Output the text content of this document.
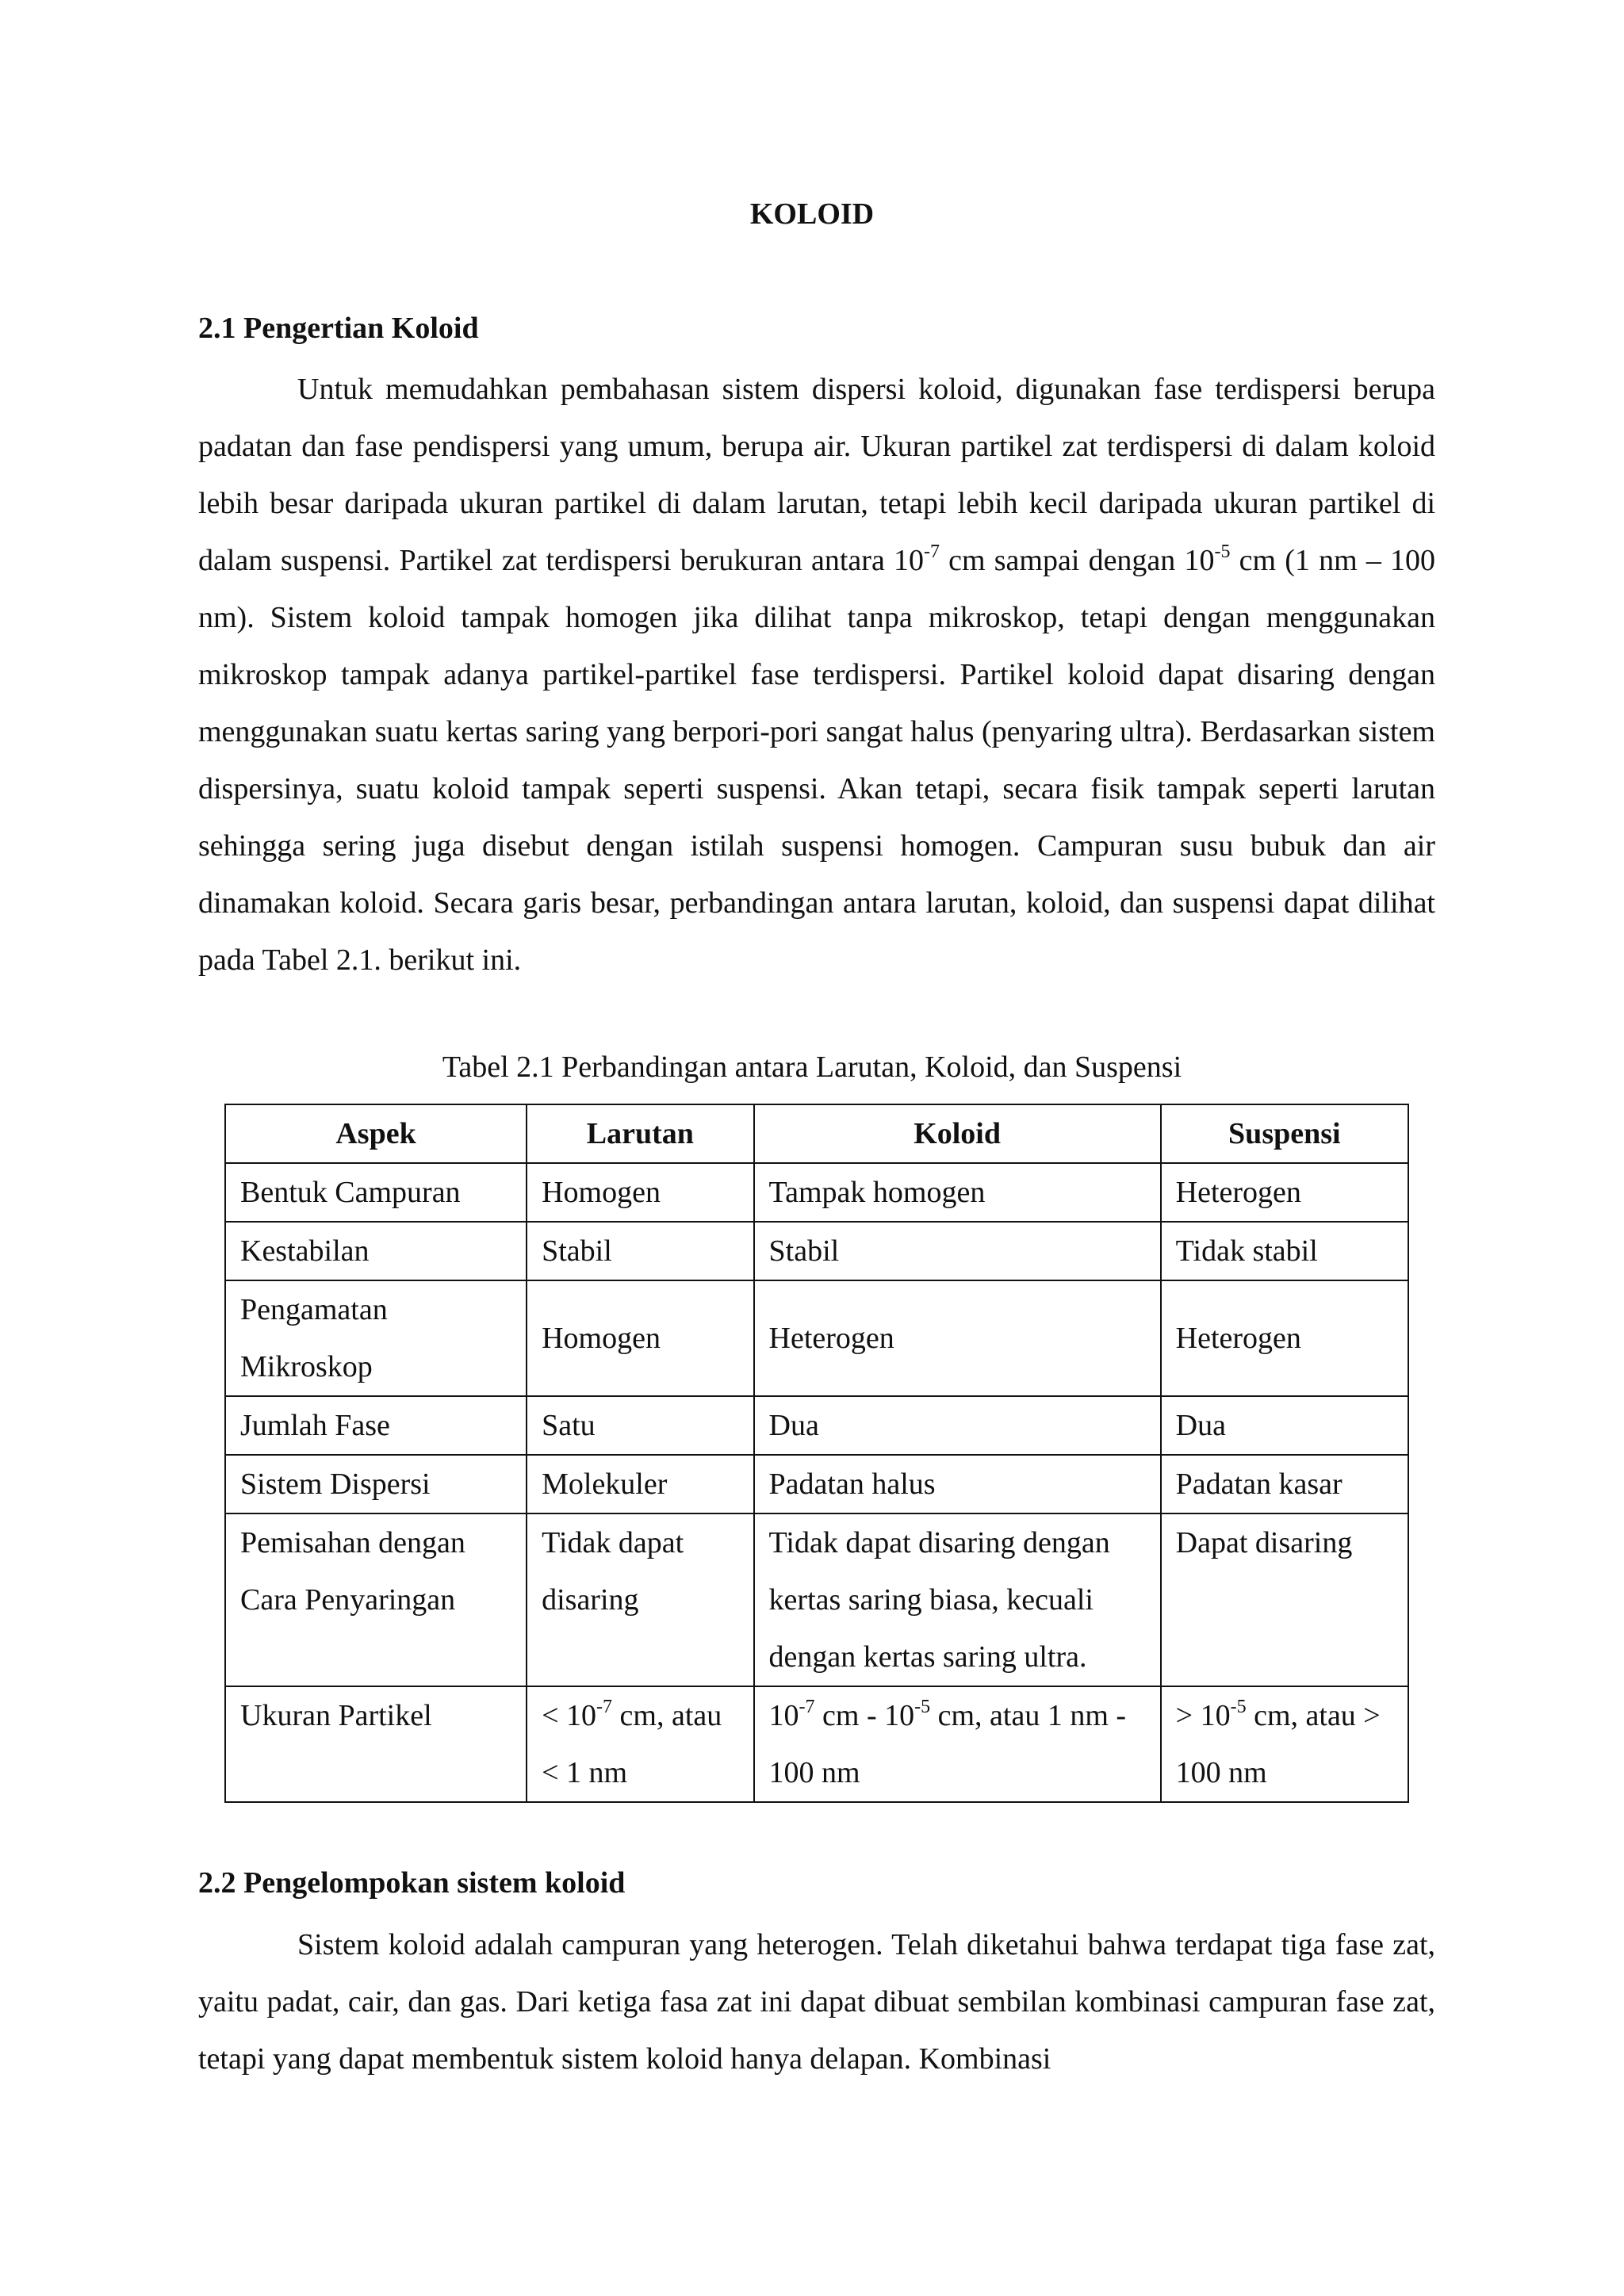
KOLOID
2.1 Pengertian Koloid

Untuk memudahkan pembahasan sistem dispersi koloid, digunakan fase terdispersi berupa padatan dan fase pendispersi yang umum, berupa air. Ukuran partikel zat terdispersi di dalam koloid lebih besar daripada ukuran partikel di dalam larutan, tetapi lebih kecil daripada ukuran partikel di dalam suspensi. Partikel zat terdispersi berukuran antara $10^{-7}$ cm sampai dengan $10^{-5}$ cm (1 nm – 100 nm). Sistem koloid tampak homogen jika dilihat tanpa mikroskop, tetapi dengan menggunakan mikroskop tampak adanya partikel-partikel fase terdispersi. Partikel koloid dapat disaring dengan menggunakan suatu kertas saring yang berpori-pori sangat halus (penyaring ultra). Berdasarkan sistem dispersinya, suatu koloid tampak seperti suspensi. Akan tetapi, secara fisik tampak seperti larutan sehingga sering juga disebut dengan istilah suspensi homogen. Campuran susu bubuk dan air dinamakan koloid. Secara garis besar, perbandingan antara larutan, koloid, dan suspensi dapat dilihat pada Tabel 2.1. berikut ini.

Tabel 2.1 Perbandingan antara Larutan, Koloid, dan Suspensi

Aspek	Larutan	Koloid	Suspensi
Bentuk Campuran	Homogen	Tampak homogen	Heterogen
Kestabilan	Stabil	Stabil	Tidak stabil
Pengamatan Mikroskop	Homogen	Heterogen	Heterogen
Jumlah Fase	Satu	Dua	Dua
Sistem Dispersi	Molekuler	Padatan halus	Padatan kasar
Pemisahan dengan Cara Penyaringan	Tidak dapat disaring	Tidak dapat disaring dengan kertas saring biasa, kecuali dengan kertas saring ultra.	Dapat disaring
Ukuran Partikel	< $10^{-7}$ cm, atau < 1 nm	$10^{-7}$ cm - $10^{-5}$ cm, atau 1 nm - 100 nm	> $10^{-5}$ cm, atau > 100 nm
2.2 Pengelompokan sistem koloid

Sistem koloid adalah campuran yang heterogen. Telah diketahui bahwa terdapat tiga fase zat, yaitu padat, cair, dan gas. Dari ketiga fasa zat ini dapat dibuat sembilan kombinasi campuran fase zat, tetapi yang dapat membentuk sistem koloid hanya delapan. Kombinasi
